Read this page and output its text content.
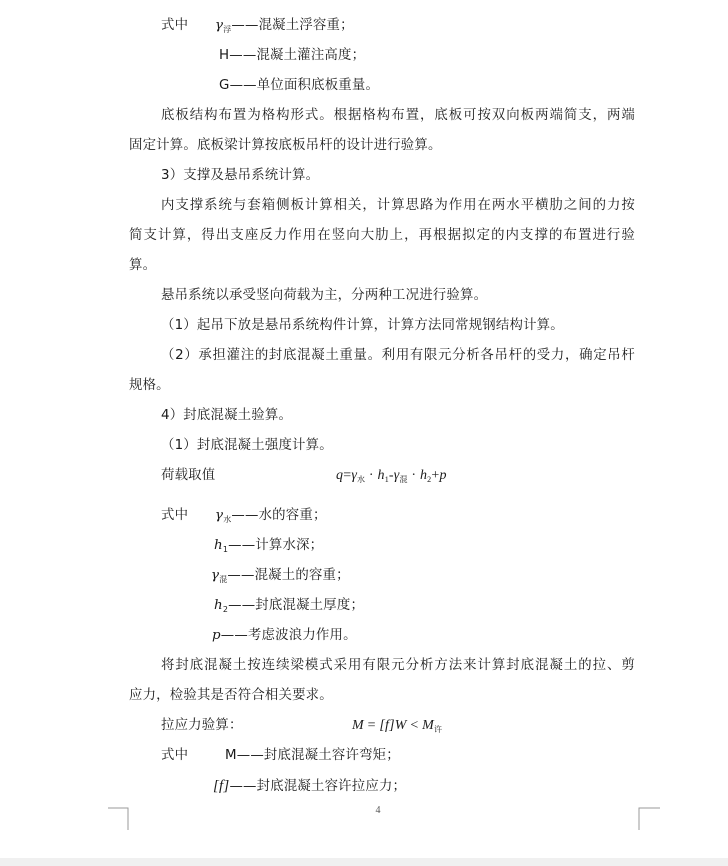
式中 $\gamma_浮——$混凝土浮容重；
H——混凝土灌注高度；
G——单位面积底板重量。
底板结构布置为格构形式。根据格构布置，底板可按双向板两端简支，两端
固定计算。底板梁计算按底板吊杆的设计进行验算。
3）支撑及悬吊系统计算。
内支撑系统与套箱侧板计算相关，计算思路为作用在两水平横肋之间的力按
简支计算，得出支座反力作用在竖向大肋上，再根据拟定的内支撑的布置进行验
算。
悬吊系统以承受竖向荷载为主，分两种工况进行验算。
（1）起吊下放是悬吊系统构件计算，计算方法同常规钢结构计算。
（2）承担灌注的封底混凝土重量。利用有限元分析各吊杆的受力，确定吊杆
规格。
4）封底混凝土验算。
（1）封底混凝土强度计算。
荷载取值	$q=\gamma_水 \cdot h_1-\gamma_混 \cdot h_2+p$
式中 $\gamma_水——$水的容重；
$h_1——$计算水深；
$\gamma_混——$混凝土的容重；
$h_2——$封底混凝土厚度；
p——考虑波浪力作用。
将封底混凝土按连续梁模式采用有限元分析方法来计算封底混凝土的拉、剪
应力，检验其是否符合相关要求。
拉应力验算：	$M = [f]W < M_许$
式中	M——封底混凝土容许弯矩；
[f]——封底混凝土容许拉应力；
4
